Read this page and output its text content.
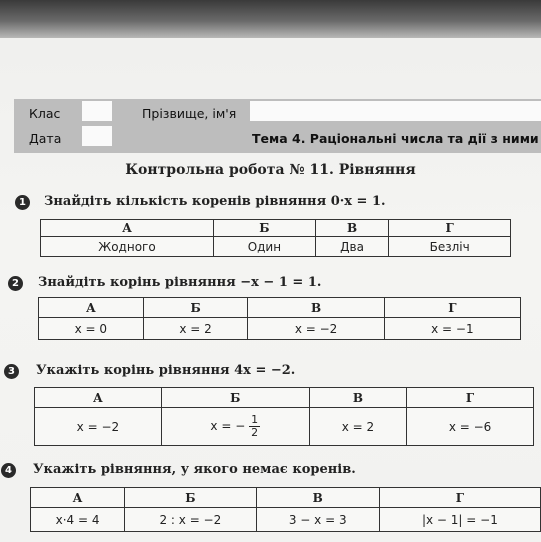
Клас	Прізвище, ім'я
Дата	Тема 4. Раціональні числа та дії з ними
Контрольна робота № 11. Рівняння
1	Знайдіть кількість коренів рівняння 0·x = 1.
А	Б	В	Г
Жодного	Один	Два	Безліч
2	Знайдіть корінь рівняння −x − 1 = 1.
А	Б	В	Г
x = 0	x = 2	x = −2	x = −1
3	Укажіть корінь рівняння 4x = −2.
А	Б	В	Г
x = −2	x = − $\frac{1}{2}$	x = 2	x = −6
4	Укажіть рівняння, у якого немає коренів.
А	Б	В	Г
x·4 = 4	2 : x = −2	3 − x = 3	|x − 1| = −1
